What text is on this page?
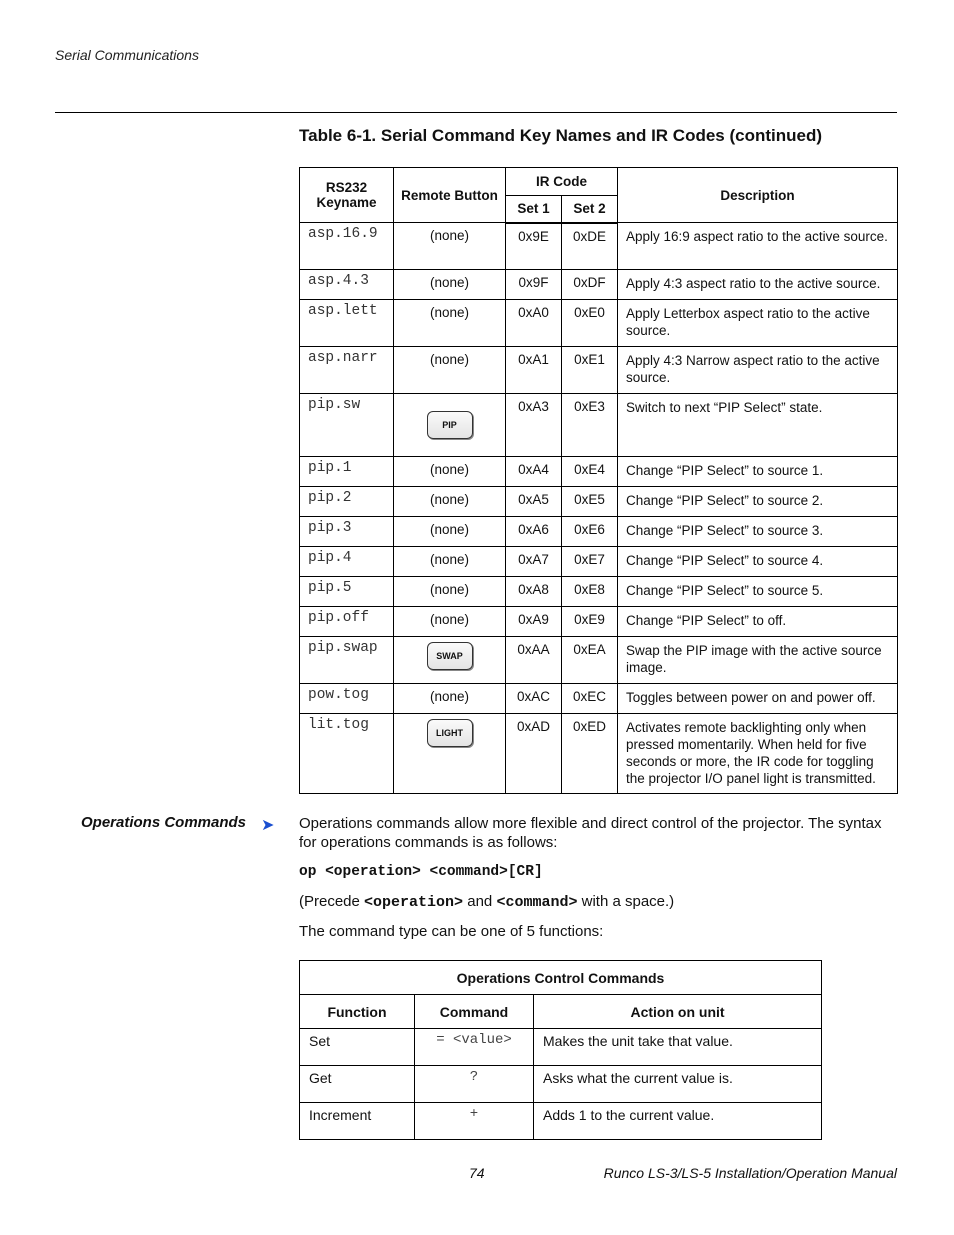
Serial Communications
Table 6-1. Serial Command Key Names and IR Codes (continued)
RS232
Keyname	Remote Button	IR Code		Description
		Set 1	Set 2	
asp.16.9	(none)	0x9E	0xDE	Apply 16:9 aspect ratio to the active source.
asp.4.3	(none)	0x9F	0xDF	Apply 4:3 aspect ratio to the active source.
asp.lett	(none)	0xA0	0xE0	Apply Letterbox aspect ratio to the active source.
asp.narr	(none)	0xA1	0xE1	Apply 4:3 Narrow aspect ratio to the active source.
pip.sw	PIP	0xA3	0xE3	Switch to next “PIP Select” state.
pip.1	(none)	0xA4	0xE4	Change “PIP Select” to source 1.
pip.2	(none)	0xA5	0xE5	Change “PIP Select” to source 2.
pip.3	(none)	0xA6	0xE6	Change “PIP Select” to source 3.
pip.4	(none)	0xA7	0xE7	Change “PIP Select” to source 4.
pip.5	(none)	0xA8	0xE8	Change “PIP Select” to source 5.
pip.off	(none)	0xA9	0xE9	Change “PIP Select” to off.
pip.swap	SWAP	0xAA	0xEA	Swap the PIP image with the active source image.
pow.tog	(none)	0xAC	0xEC	Toggles between power on and power off.
lit.tog	LIGHT	0xAD	0xED	Activates remote backlighting only when pressed momentarily. When held for five seconds or more, the IR code for toggling the projector I/O panel light is transmitted.
Operations Commands ➤ Operations commands allow more flexible and direct control of the projector. The syntax for operations commands is as follows:
op <operation> <command>[CR]
(Precede <operation> and <command> with a space.)
The command type can be one of 5 functions:
Operations Control Commands		
Function	Command	Action on unit
Set	= <value>	Makes the unit take that value.
Get	?	Asks what the current value is.
Increment	+	Adds 1 to the current value.
74	Runco LS-3/LS-5 Installation/Operation Manual
